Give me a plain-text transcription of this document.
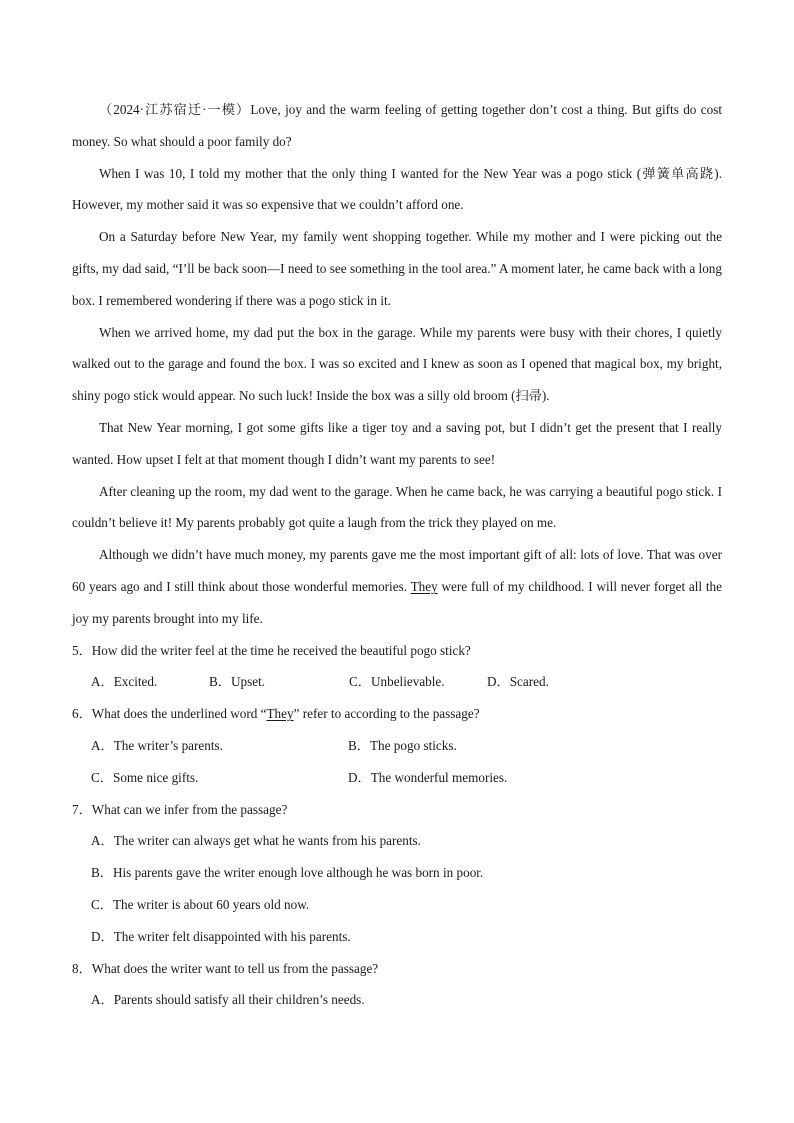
（2024·江苏宿迁·一模）Love, joy and the warm feeling of getting together don’t cost a thing. But gifts do cost money. So what should a poor family do?

When I was 10, I told my mother that the only thing I wanted for the New Year was a pogo stick (弹簧单高跷). However, my mother said it was so expensive that we couldn’t afford one.

On a Saturday before New Year, my family went shopping together. While my mother and I were picking out the gifts, my dad said, “I’ll be back soon—I need to see something in the tool area.” A moment later, he came back with a long box. I remembered wondering if there was a pogo stick in it.

When we arrived home, my dad put the box in the garage. While my parents were busy with their chores, I quietly walked out to the garage and found the box. I was so excited and I knew as soon as I opened that magical box, my bright, shiny pogo stick would appear. No such luck! Inside the box was a silly old broom (扫帚).

That New Year morning, I got some gifts like a tiger toy and a saving pot, but I didn’t get the present that I really wanted. How upset I felt at that moment though I didn’t want my parents to see!

After cleaning up the room, my dad went to the garage. When he came back, he was carrying a beautiful pogo stick. I couldn’t believe it! My parents probably got quite a laugh from the trick they played on me.

Although we didn’t have much money, my parents gave me the most important gift of all: lots of love. That was over 60 years ago and I still think about those wonderful memories. They were full of my childhood. I will never forget all the joy my parents brought into my life.

5．How did the writer feel at the time he received the beautiful pogo stick?

A．Excited.	B．Upset.	C．Unbelievable.	D．Scared.

6．What does the underlined word “They” refer to according to the passage?

A．The writer’s parents.	B．The pogo sticks.
C．Some nice gifts.	D．The wonderful memories.

7．What can we infer from the passage?

A．The writer can always get what he wants from his parents.
B．His parents gave the writer enough love although he was born in poor.
C．The writer is about 60 years old now.
D．The writer felt disappointed with his parents.

8．What does the writer want to tell us from the passage?

A．Parents should satisfy all their children’s needs.
